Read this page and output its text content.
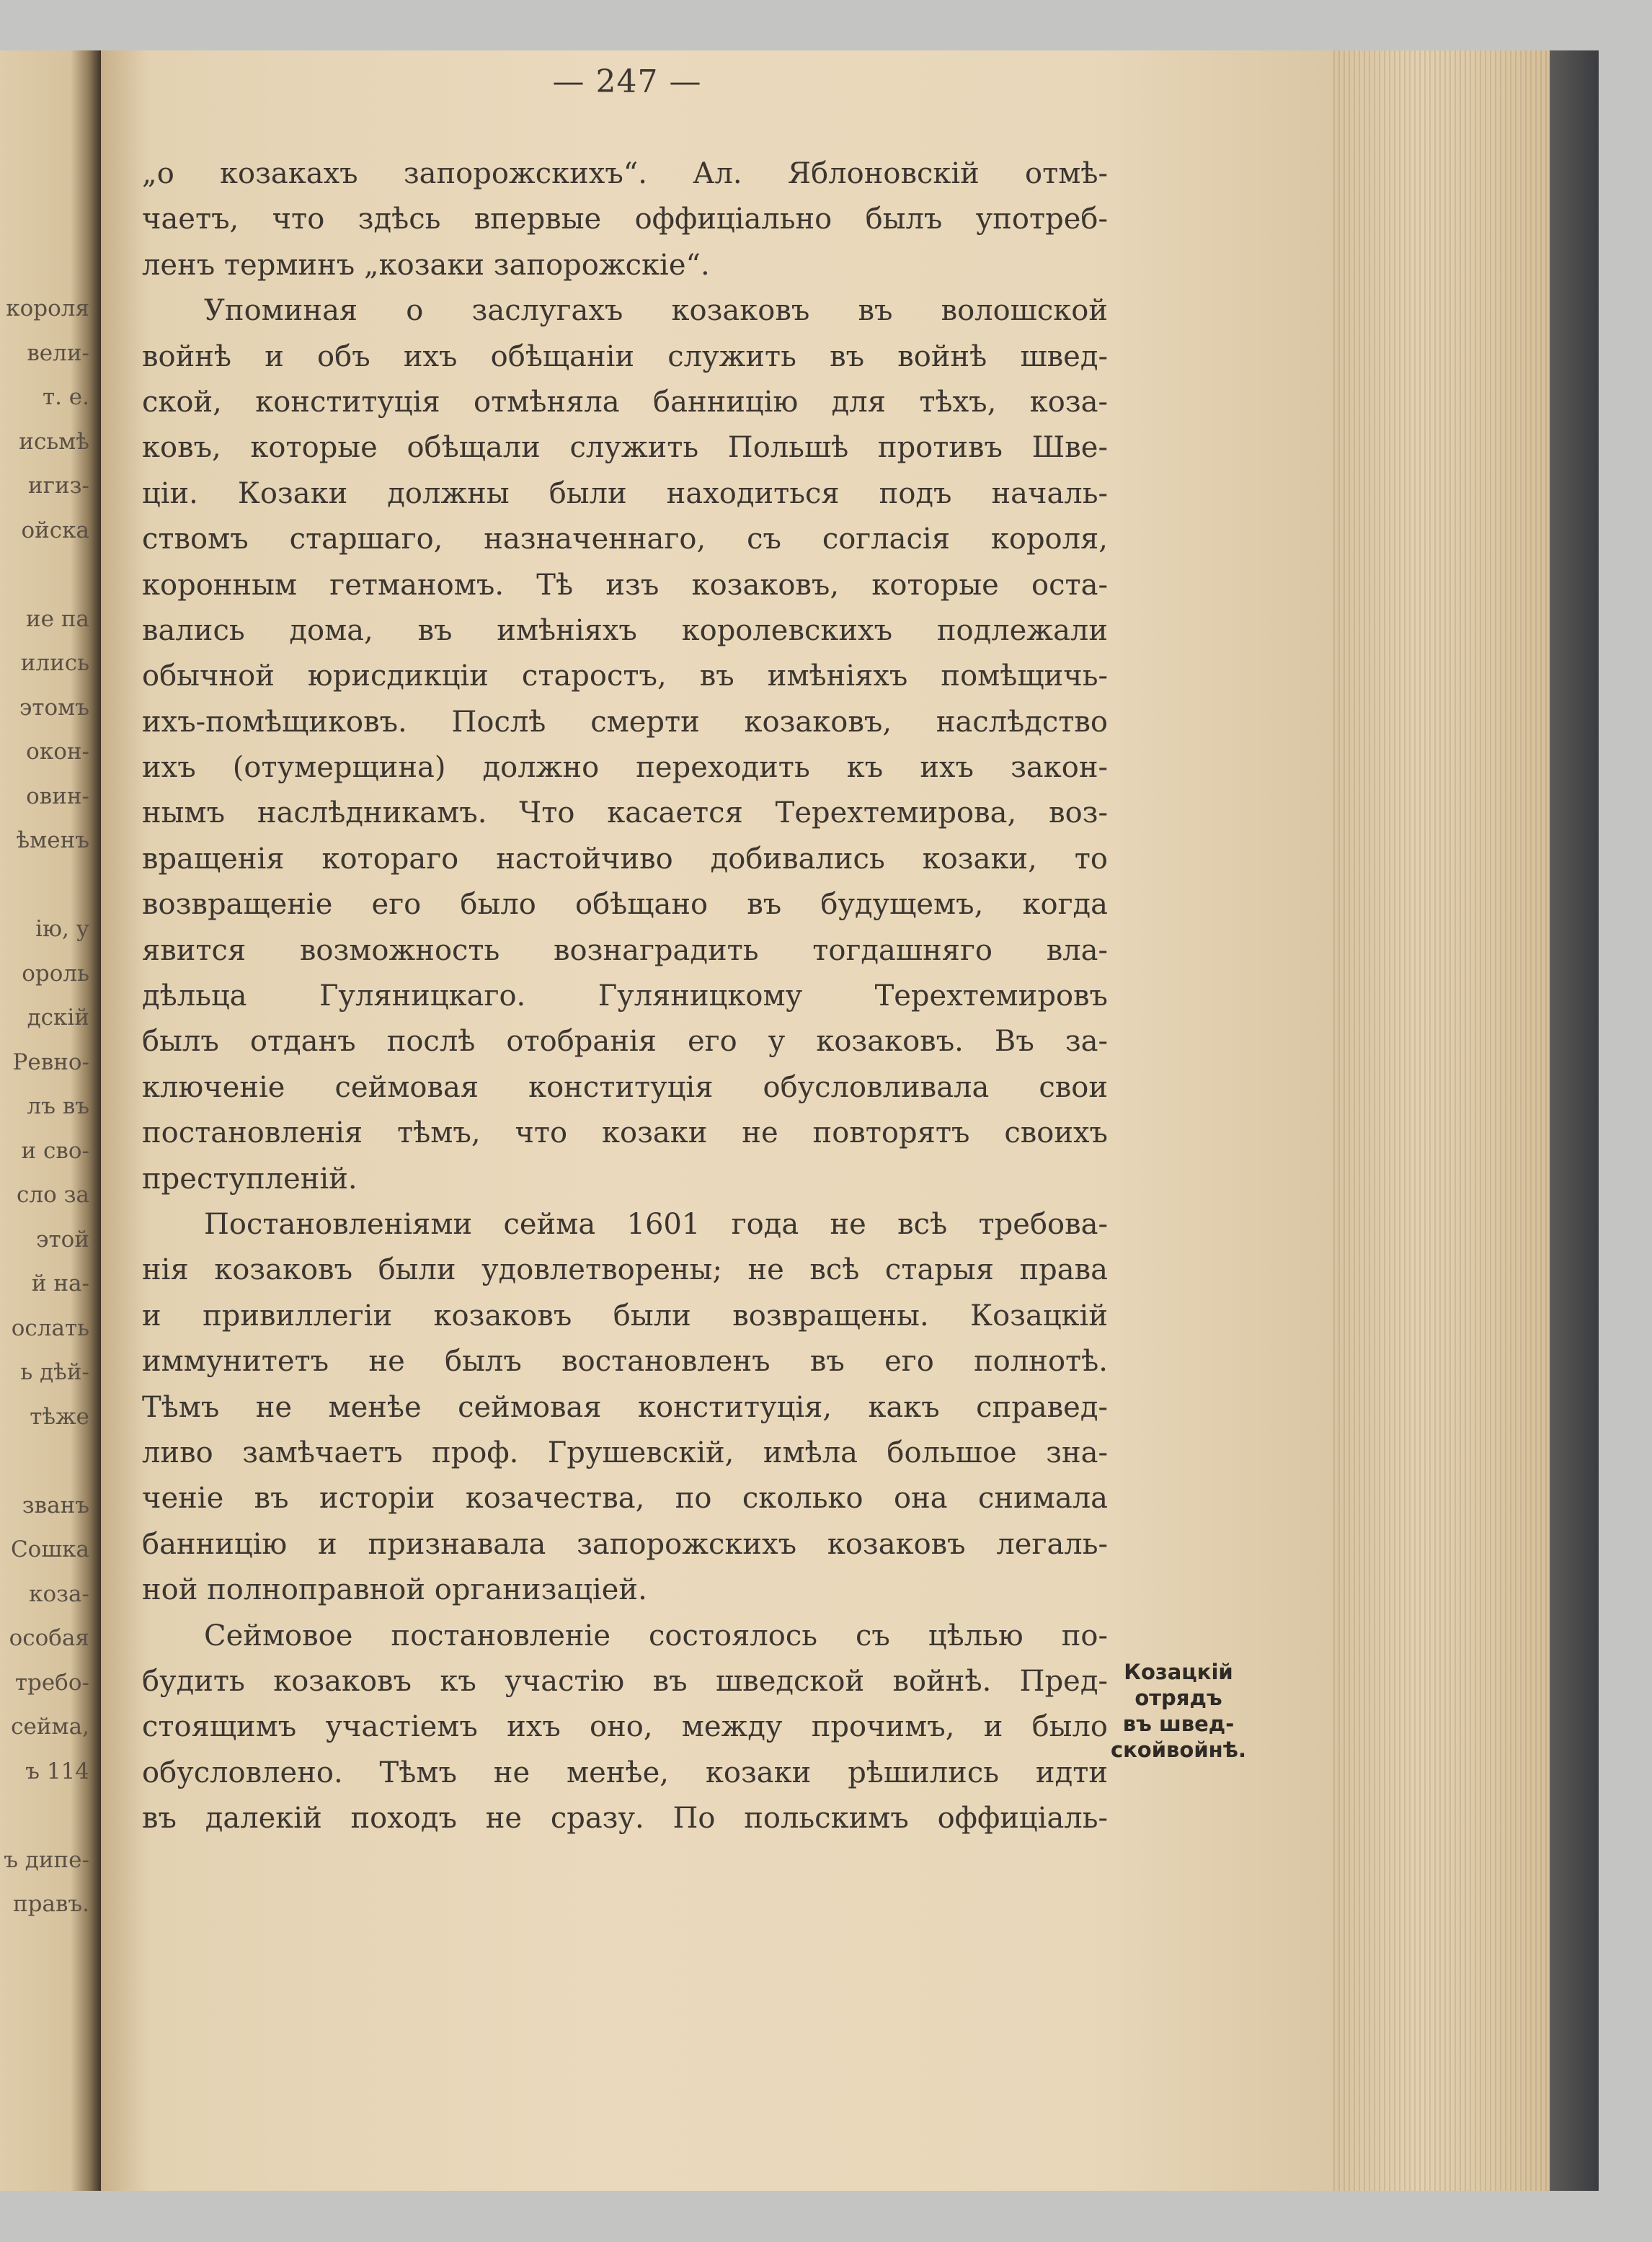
короля
вели-
т. е.
исьмѣ
игиз-
ойска
ие па
ились
этомъ
окон-
овин-
ѣменъ
ію, у
ороль
дскій
Ревно-
лъ въ
и сво-
сло за
этой
й на-
ослать
ь дѣй-
тѣже
званъ
Сошка
коза-
особая
требо-
сейма,
ъ 114
ъ дипе-
правъ.
— 247 —
„о козакахъ запорожскихъ“. Ал. Яблоновскій отмѣ-
чаетъ, что здѣсь впервые оффиціально былъ употреб-
ленъ терминъ „козаки запорожскіе“.
Упоминая о заслугахъ козаковъ въ волошской
войнѣ и объ ихъ обѣщаніи служить въ войнѣ швед-
ской, конституція отмѣняла банницію для тѣхъ, коза-
ковъ, которые обѣщали служить Польшѣ противъ Шве-
ціи. Козаки должны были находиться подъ началь-
ствомъ старшаго, назначеннаго, съ согласія короля,
коронным гетманомъ. Тѣ изъ козаковъ, которые оста-
вались дома, въ имѣніяхъ королевскихъ подлежали
обычной юрисдикціи старостъ, въ имѣніяхъ помѣщичь-
ихъ-помѣщиковъ. Послѣ смерти козаковъ, наслѣдство
ихъ (отумерщина) должно переходить къ ихъ закон-
нымъ наслѣдникамъ. Что касается Терехтемирова, воз-
вращенія котораго настойчиво добивались козаки, то
возвращеніе его было обѣщано въ будущемъ, когда
явится возможность вознаградить тогдашняго вла-
дѣльца Гуляницкаго. Гуляницкому Терехтемировъ
былъ отданъ послѣ отобранія его у козаковъ. Въ за-
ключеніе сеймовая конституція обусловливала свои
постановленія тѣмъ, что козаки не повторятъ своихъ
преступленій.
Постановленіями сейма 1601 года не всѣ требова-
нія козаковъ были удовлетворены; не всѣ старыя права
и привиллегіи козаковъ были возвращены. Козацкій
иммунитетъ не былъ востановленъ въ его полнотѣ.
Тѣмъ не менѣе сеймовая конституція, какъ справед-
ливо замѣчаетъ проф. Грушевскій, имѣла большое зна-
ченіе въ исторіи козачества, по сколько она снимала
банницію и признавала запорожскихъ козаковъ легаль-
ной полноправной организаціей.
Сеймовое постановленіе состоялось съ цѣлью по-
будить козаковъ къ участію въ шведской войнѣ. Пред-
стоящимъ участіемъ ихъ оно, между прочимъ, и было
обусловлено. Тѣмъ не менѣе, козаки рѣшились идти
въ далекій походъ не сразу. По польскимъ оффиціаль-
Козацкій
отрядъ
въ швед-
скойвойнѣ.
